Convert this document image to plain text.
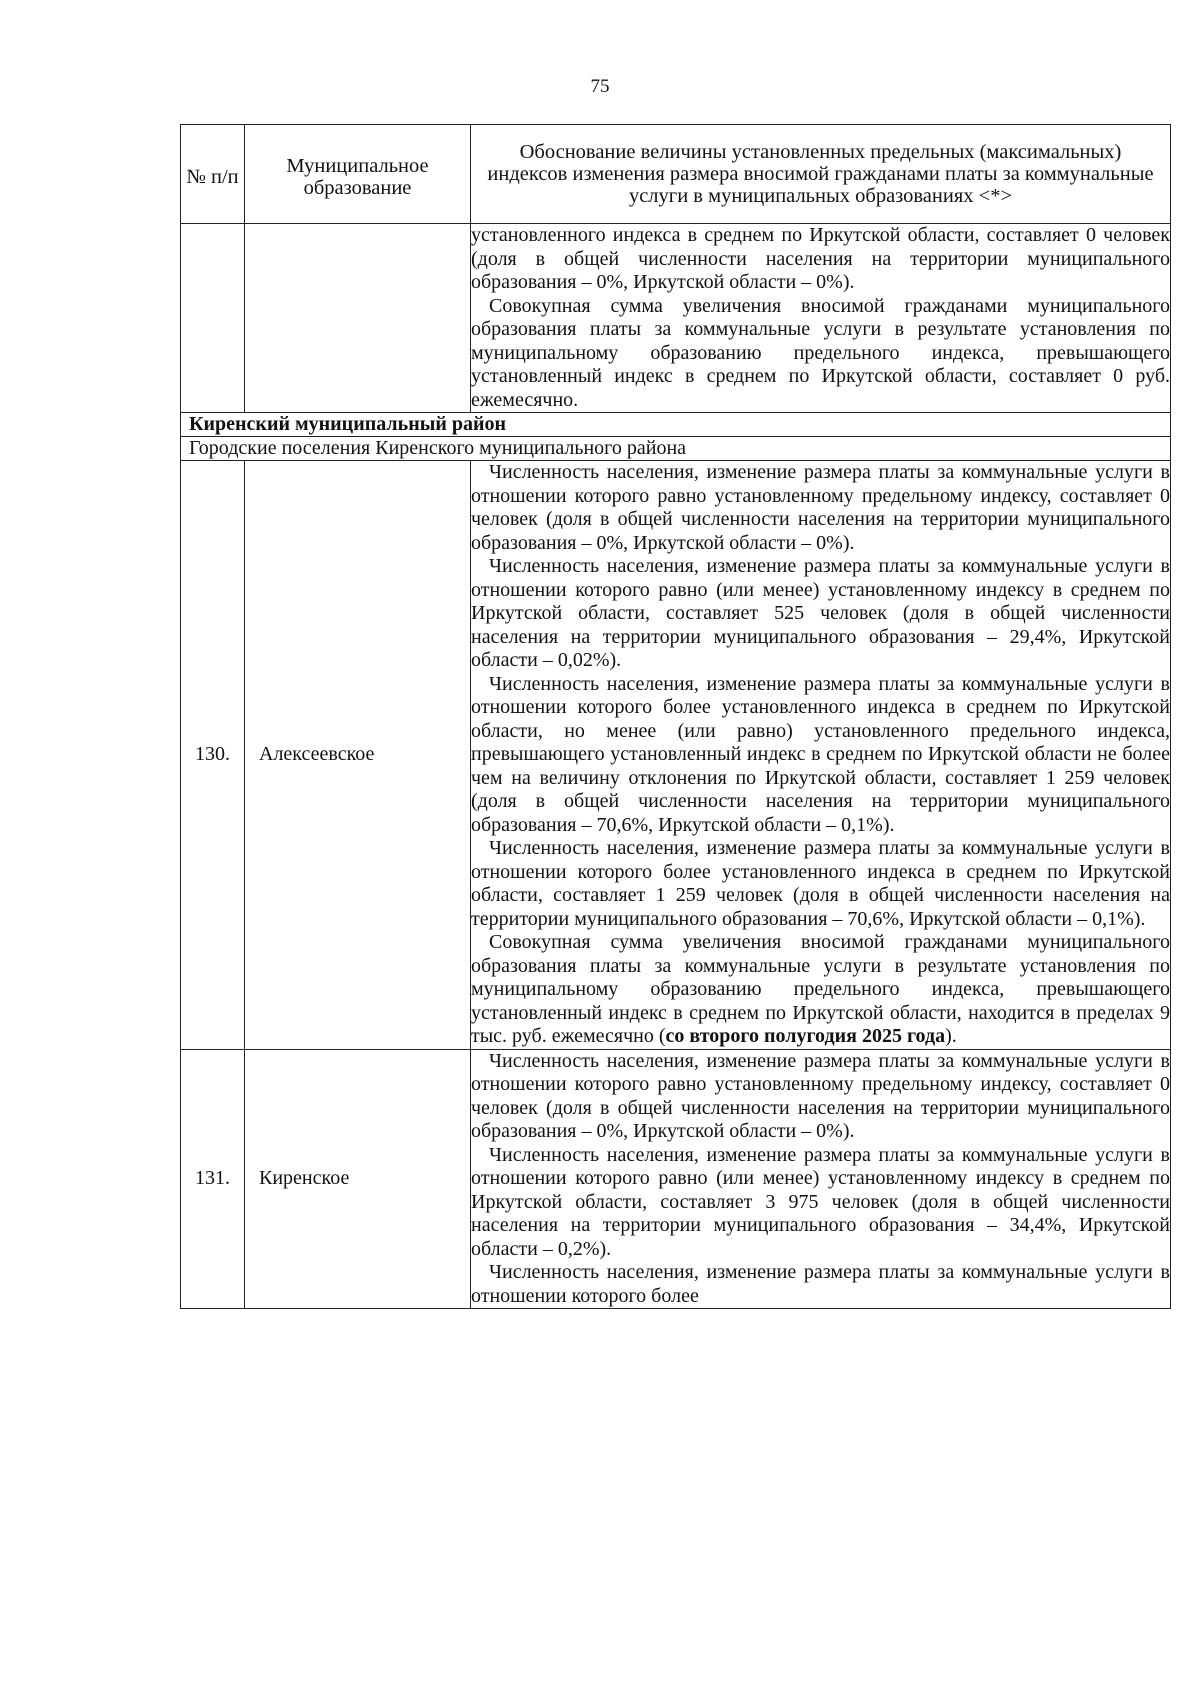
75
№ п/п	Муниципальное образование	Обоснование величины установленных предельных (максимальных) индексов изменения размера вносимой гражданами платы за коммунальные услуги в муниципальных образованиях <*>

		установленного индекса в среднем по Иркутской области, составляет 0 человек (доля в общей численности населения на территории муниципального образования – 0%, Иркутской области – 0%).

Совокупная сумма увеличения вносимой гражданами муниципального образования платы за коммунальные услуги в результате установления по муниципальному образованию предельного индекса, превышающего установленный индекс в среднем по Иркутской области, составляет 0 руб. ежемесячно.

Киренский муниципальный район		
Городские поселения Киренского муниципального района		
130.	Алексеевское	Численность населения, изменение размера платы за коммунальные услуги в отношении которого равно установленному предельному индексу, составляет 0 человек (доля в общей численности населения на территории муниципального образования – 0%, Иркутской области – 0%).

Численность населения, изменение размера платы за коммунальные услуги в отношении которого равно (или менее) установленному индексу в среднем по Иркутской области, составляет 525 человек (доля в общей численности населения на территории муниципального образования – 29,4%, Иркутской области – 0,02%).

Численность населения, изменение размера платы за коммунальные услуги в отношении которого более установленного индекса в среднем по Иркутской области, но менее (или равно) установленного предельного индекса, превышающего установленный индекс в среднем по Иркутской области не более чем на величину отклонения по Иркутской области, составляет 1 259 человек (доля в общей численности населения на территории муниципального образования – 70,6%, Иркутской области – 0,1%).

Численность населения, изменение размера платы за коммунальные услуги в отношении которого более установленного индекса в среднем по Иркутской области, составляет 1 259 человек (доля в общей численности населения на территории муниципального образования – 70,6%, Иркутской области – 0,1%).

Совокупная сумма увеличения вносимой гражданами муниципального образования платы за коммунальные услуги в результате установления по муниципальному образованию предельного индекса, превышающего установленный индекс в среднем по Иркутской области, находится в пределах 9 тыс. руб. ежемесячно (со второго полугодия 2025 года).

131.	Киренское	Численность населения, изменение размера платы за коммунальные услуги в отношении которого равно установленному предельному индексу, составляет 0 человек (доля в общей численности населения на территории муниципального образования – 0%, Иркутской области – 0%).

Численность населения, изменение размера платы за коммунальные услуги в отношении которого равно (или менее) установленному индексу в среднем по Иркутской области, составляет 3 975 человек (доля в общей численности населения на территории муниципального образования – 34,4%, Иркутской области – 0,2%).

Численность населения, изменение размера платы за коммунальные услуги в отношении которого более
